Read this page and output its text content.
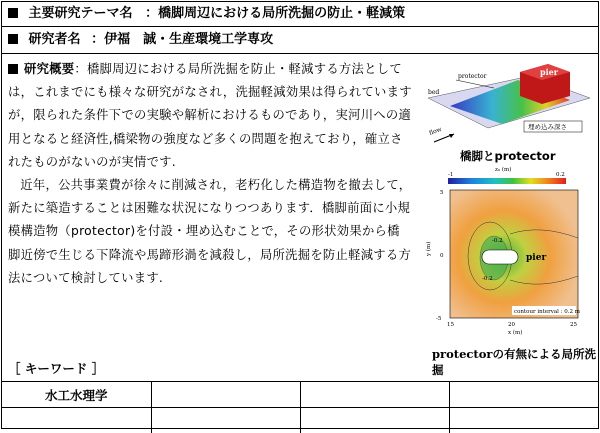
主要研究テーマ名 ：橋脚周辺における局所洗掘の防止・軽減策
研究者名 ：伊福　誠・生産環境工学専攻

研究概要：橋脚周辺における局所洗掘を防止・軽減する方法としては，これまでにも様々な研究がなされ，洗掘軽減効果は得られていますが，限られた条件下での実験や解析におけるものであり，実河川への適用となると経済性,橋梁物の強度など多くの問題を抱えており，確立されたものがないのが実情です.

近年，公共事業費が徐々に削減され，老朽化した構造物を撤去して，新たに築造することは困難な状況になりつつあります．橋脚前面に小規模構造物（protector)を付設・埋め込むことで，その形状効果から橋脚近傍で生じる下降流や馬蹄形渦を減殺し，局所洗掘を防止軽減する方法について検討しています.

pier
protector
bed
flow	埋め込み深さ
橋脚とprotector
z₀ (m)
-1	0.2
pier
-0.2
-0.2
contour interval : 0.2 m
y (m)
5
0
-5
15	20	25
x (m)
protectorの有無による局所洗掘
［ キーワード ］
水工水理学			
